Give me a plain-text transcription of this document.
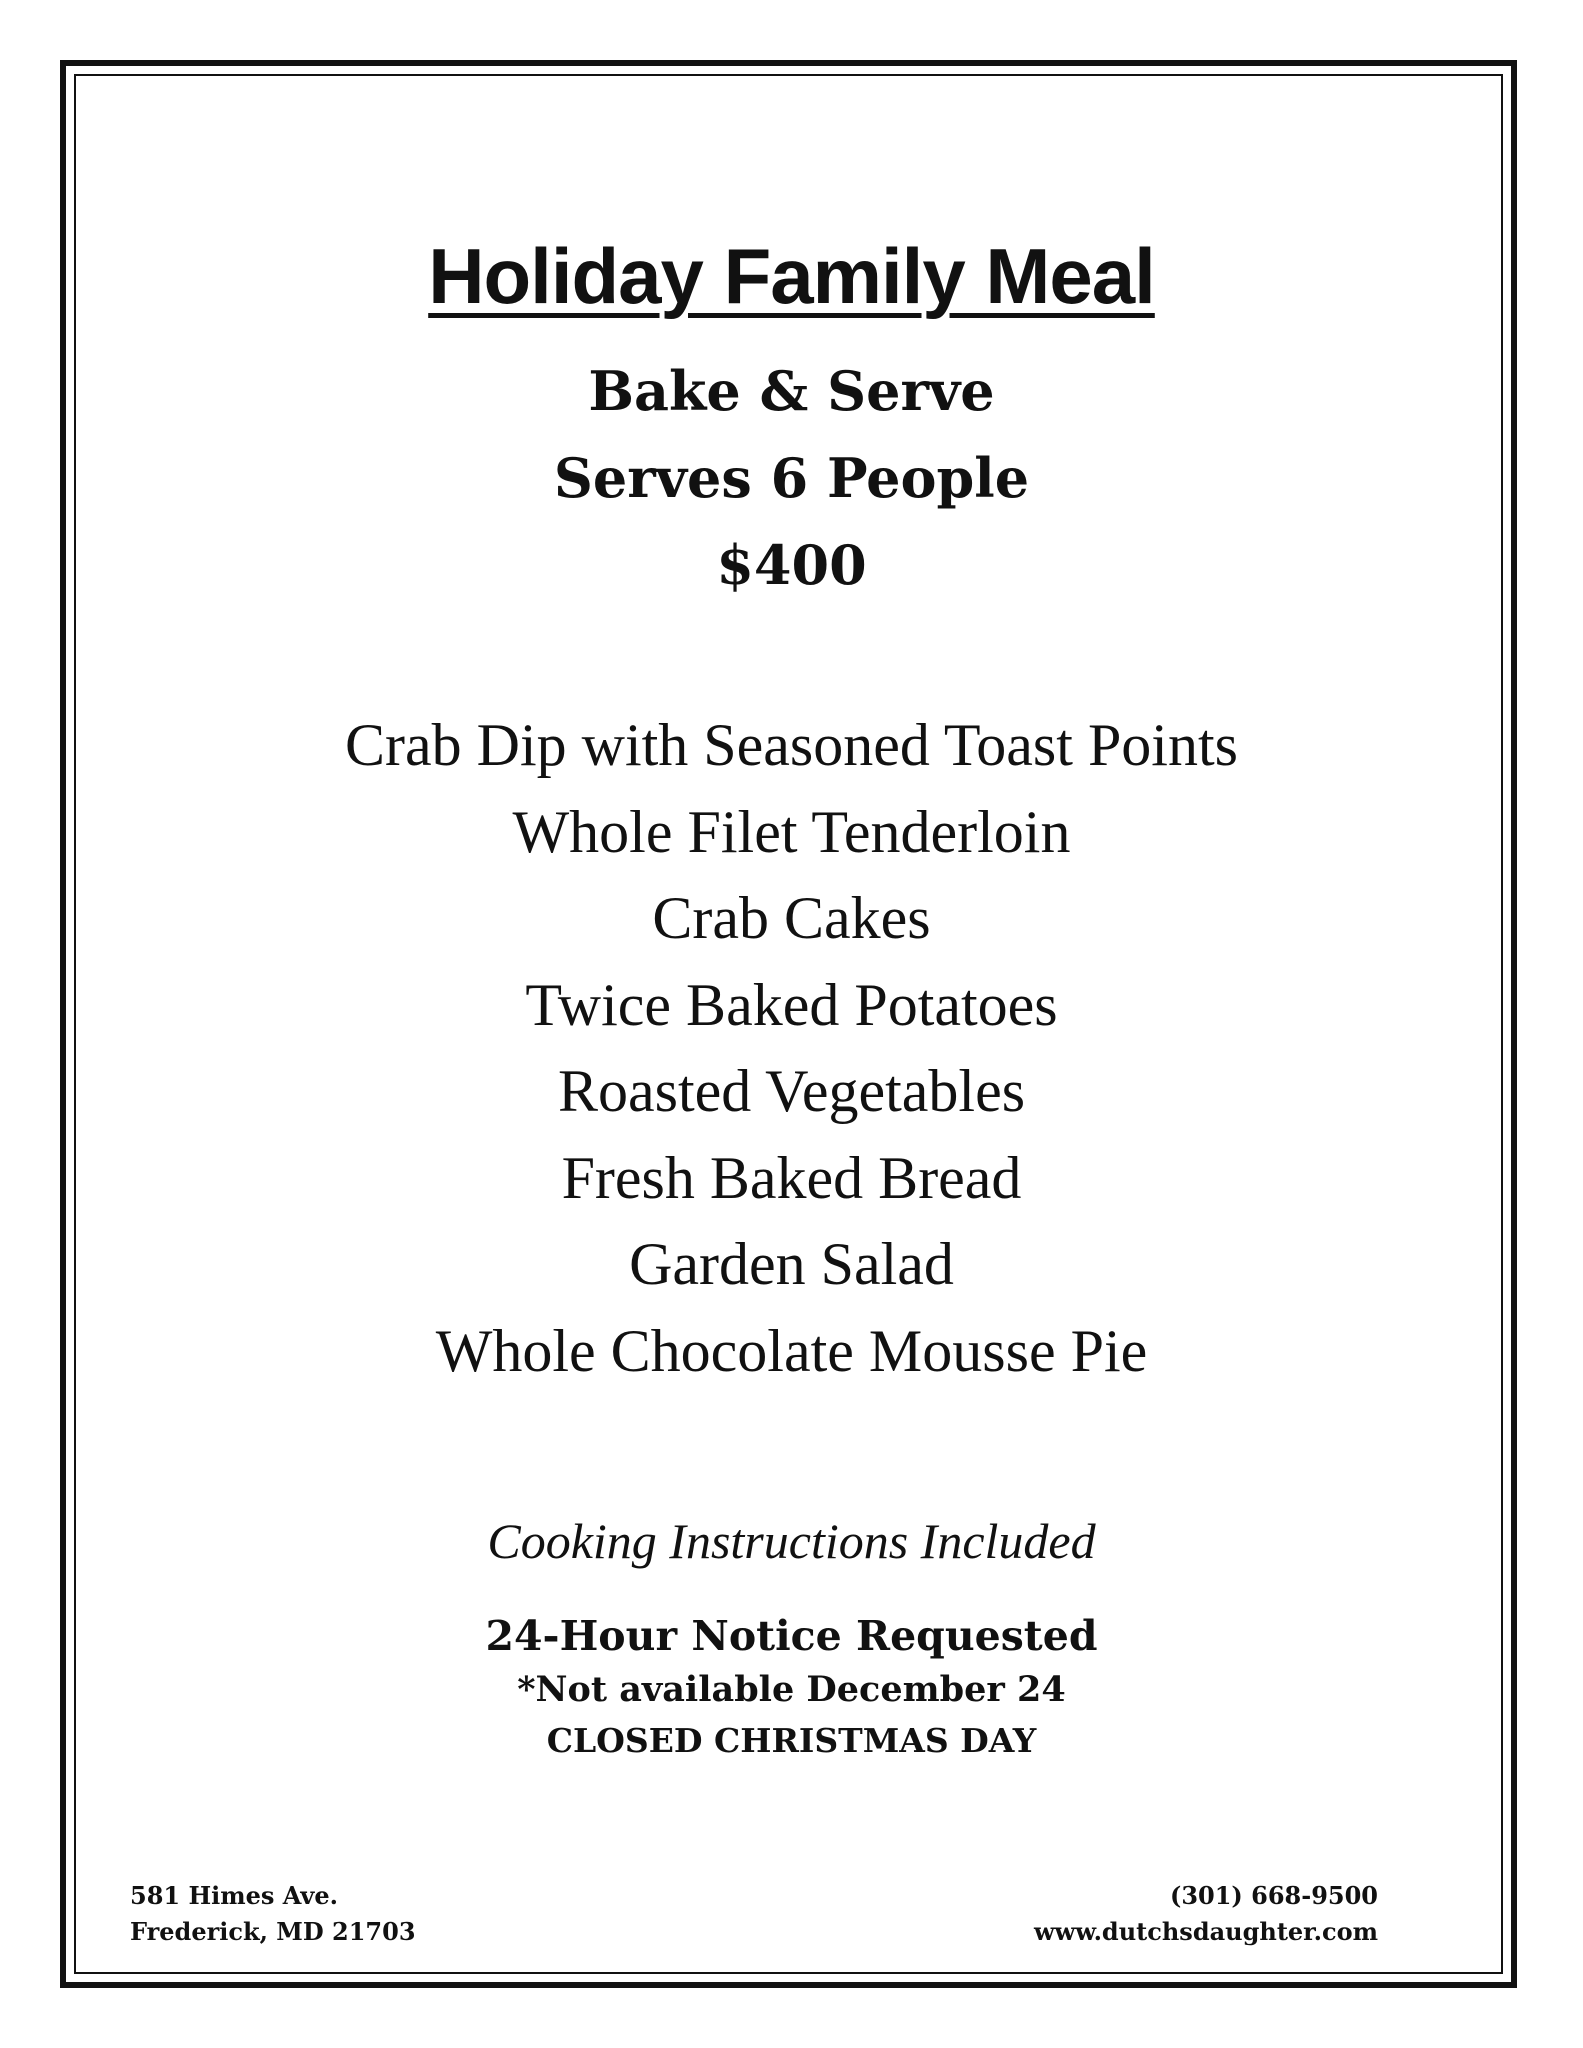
Holiday Family Meal
Bake & Serve
Serves 6 People
$400
Crab Dip with Seasoned Toast Points
Whole Filet Tenderloin
Crab Cakes
Twice Baked Potatoes
Roasted Vegetables
Fresh Baked Bread
Garden Salad
Whole Chocolate Mousse Pie
Cooking Instructions Included
24-Hour Notice Requested
*Not available December 24
CLOSED CHRISTMAS DAY
581 Himes Ave.
Frederick, MD 21703
(301) 668-9500
www.dutchsdaughter.com
